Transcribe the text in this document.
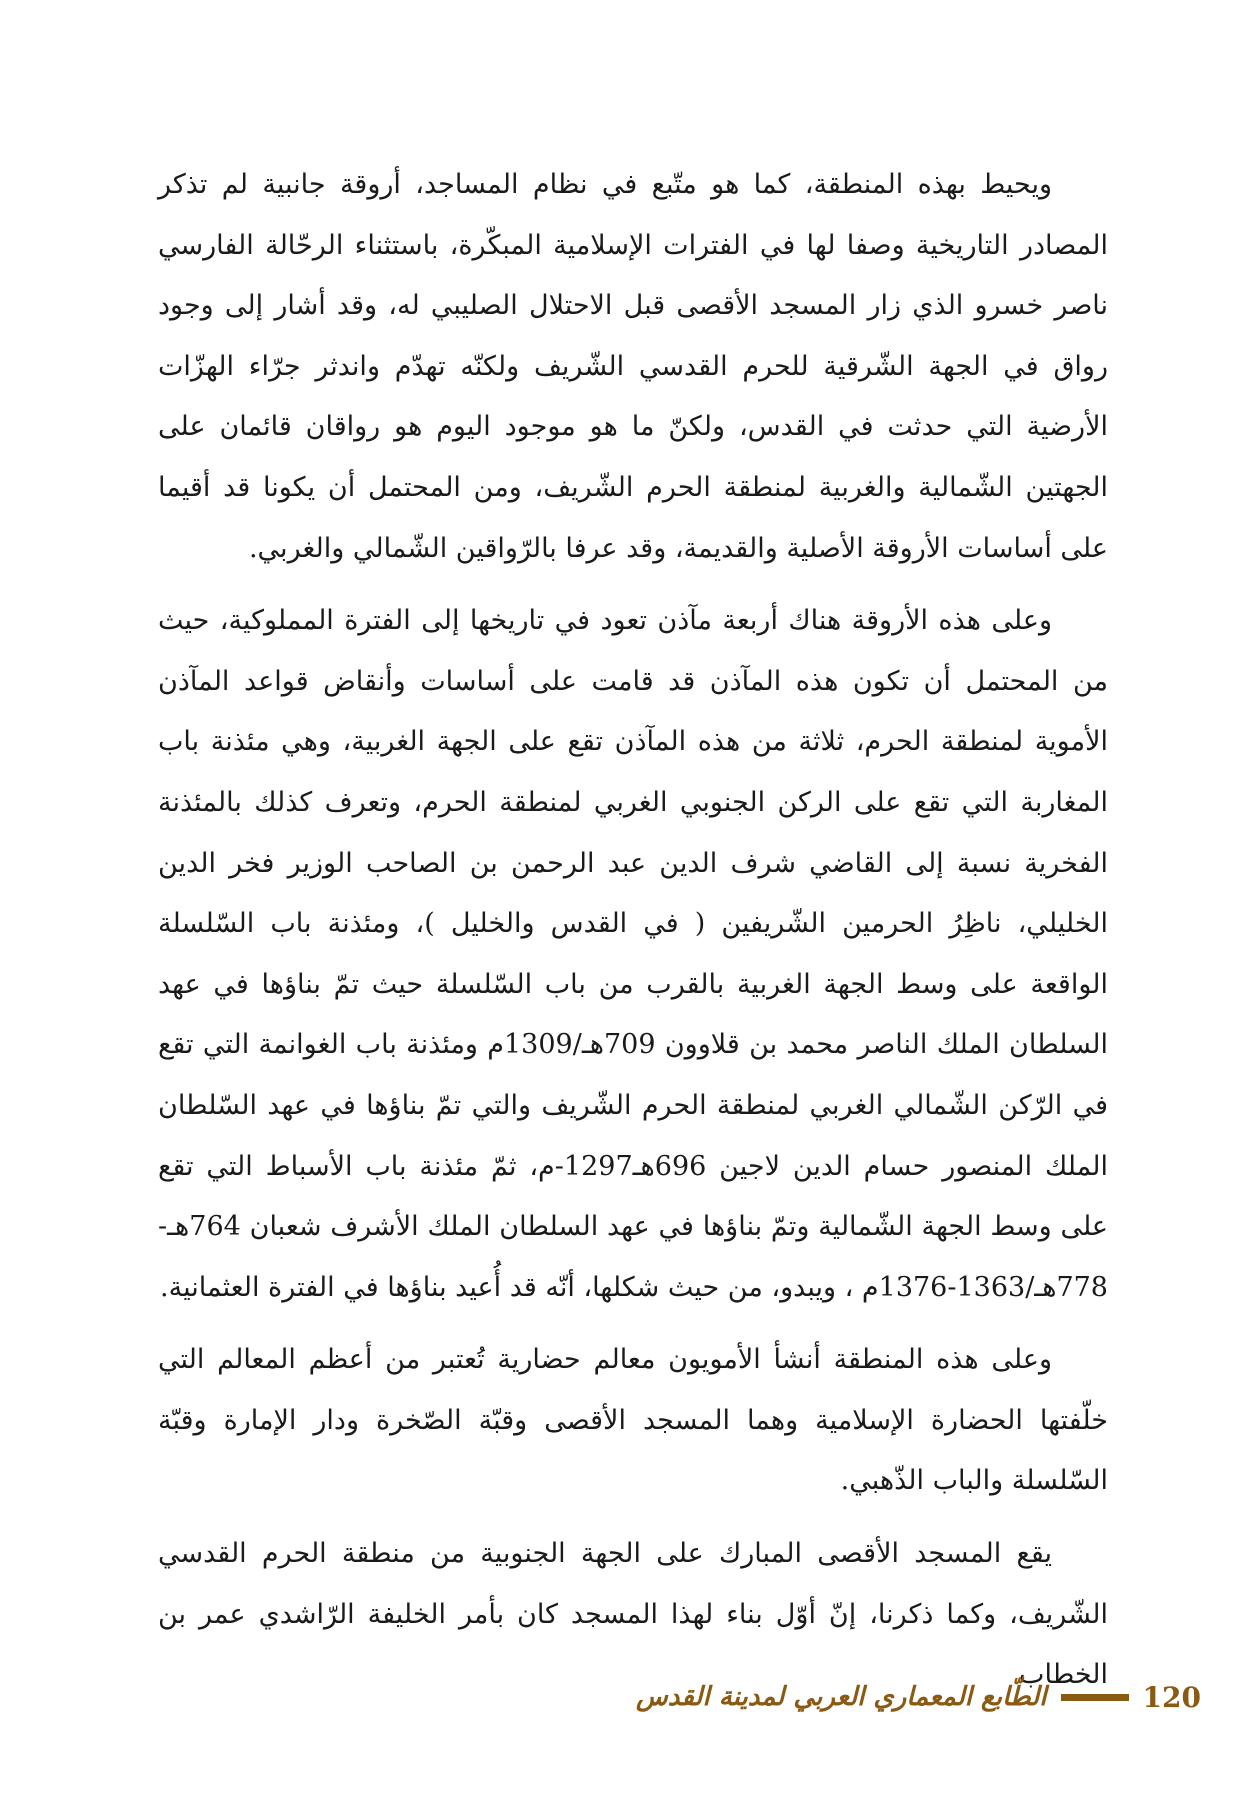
ويحيط بهذه المنطقة، كما هو متّبع في نظام المساجد، أروقة جانبية لم تذكر المصادر التاريخية وصفا لها في الفترات الإسلامية المبكّرة، باستثناء الرحّالة الفارسي ناصر خسرو الذي زار المسجد الأقصى قبل الاحتلال الصليبي له، وقد أشار إلى وجود رواق في الجهة الشّرقية للحرم القدسي الشّريف ولكنّه تهدّم واندثر جرّاء الهزّات الأرضية التي حدثت في القدس، ولكنّ ما هو موجود اليوم هو رواقان قائمان على الجهتين الشّمالية والغربية لمنطقة الحرم الشّريف، ومن المحتمل أن يكونا قد أقيما على أساسات الأروقة الأصلية والقديمة، وقد عرفا بالرّواقين الشّمالي والغربي.

وعلى هذه الأروقة هناك أربعة مآذن تعود في تاريخها إلى الفترة المملوكية، حيث من المحتمل أن تكون هذه المآذن قد قامت على أساسات وأنقاض قواعد المآذن الأموية لمنطقة الحرم، ثلاثة من هذه المآذن تقع على الجهة الغربية، وهي مئذنة باب المغاربة التي تقع على الركن الجنوبي الغربي لمنطقة الحرم، وتعرف كذلك بالمئذنة الفخرية نسبة إلى القاضي شرف الدين عبد الرحمن بن الصاحب الوزير فخر الدين الخليلي، ناظِرُ الحرمين الشّريفين ( في القدس والخليل )، ومئذنة باب السّلسلة الواقعة على وسط الجهة الغربية بالقرب من باب السّلسلة حيث تمّ بناؤها في عهد السلطان الملك الناصر محمد بن قلاوون 709هـ/1309م ومئذنة باب الغوانمة التي تقع في الرّكن الشّمالي الغربي لمنطقة الحرم الشّريف والتي تمّ بناؤها في عهد السّلطان الملك المنصور حسام الدين لاجين 696هـ1297-م، ثمّ مئذنة باب الأسباط التي تقع على وسط الجهة الشّمالية وتمّ بناؤها في عهد السلطان الملك الأشرف شعبان 764هـ- 778هـ/1363-1376م ، ويبدو، من حيث شكلها، أنّه قد أُعيد بناؤها في الفترة العثمانية.

وعلى هذه المنطقة أنشأ الأمويون معالم حضارية تُعتبر من أعظم المعالم التي خلّفتها الحضارة الإسلامية وهما المسجد الأقصى وقبّة الصّخرة ودار الإمارة وقبّة السّلسلة والباب الذّهبي.

يقع المسجد الأقصى المبارك على الجهة الجنوبية من منطقة الحرم القدسي الشّريف، وكما ذكرنا، إنّ أوّل بناء لهذا المسجد كان بأمر الخليفة الرّاشدي عمر بن الخطاب

الطّابع المعماري العربي لمدينة القدس	120
